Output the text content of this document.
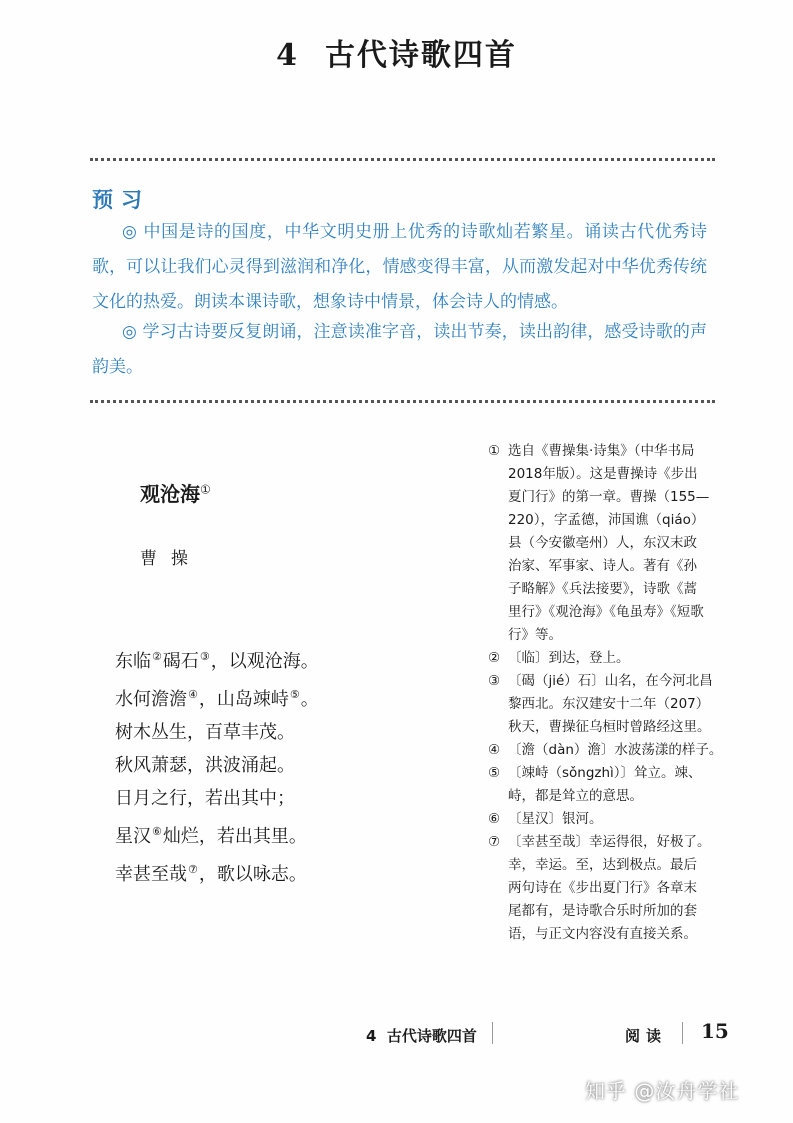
4 古代诗歌四首
预习
◎ 中国是诗的国度，中华文明史册上优秀的诗歌灿若繁星。诵读古代优秀诗歌，可以让我们心灵得到滋润和净化，情感变得丰富，从而激发起对中华优秀传统文化的热爱。朗读本课诗歌，想象诗中情景，体会诗人的情感。
◎ 学习古诗要反复朗诵，注意读准字音，读出节奏，读出韵律，感受诗歌的声韵美。
观沧海①
曹操
东临②碣石③，以观沧海。
水何澹澹④，山岛竦峙⑤。
树木丛生，百草丰茂。
秋风萧瑟，洪波涌起。
日月之行，若出其中；
星汉⑥灿烂，若出其里。
幸甚至哉⑦，歌以咏志。
① 选自《曹操集·诗集》（中华书局
2018年版）。这是曹操诗《步出
夏门行》的第一章。曹操（155—
220），字孟德，沛国谯（qiáo）
县（今安徽亳州）人，东汉末政
治家、军事家、诗人。著有《孙
子略解》《兵法接要》，诗歌《蒿
里行》《观沧海》《龟虽寿》《短歌
行》等。
② 〔临〕到达，登上。
③ 〔碣（jié）石〕山名，在今河北昌
黎西北。东汉建安十二年（207）
秋天，曹操征乌桓时曾路经这里。
④ 〔澹（dàn）澹〕水波荡漾的样子。
⑤ 〔竦峙（sǒngzhì）〕耸立。竦、
峙，都是耸立的意思。
⑥ 〔星汉〕银河。
⑦ 〔幸甚至哉〕幸运得很，好极了。
幸，幸运。至，达到极点。最后
两句诗在《步出夏门行》各章末
尾都有，是诗歌合乐时所加的套
语，与正文内容没有直接关系。
4  古代诗歌四首	阅读 15
知乎 @汝舟学社
